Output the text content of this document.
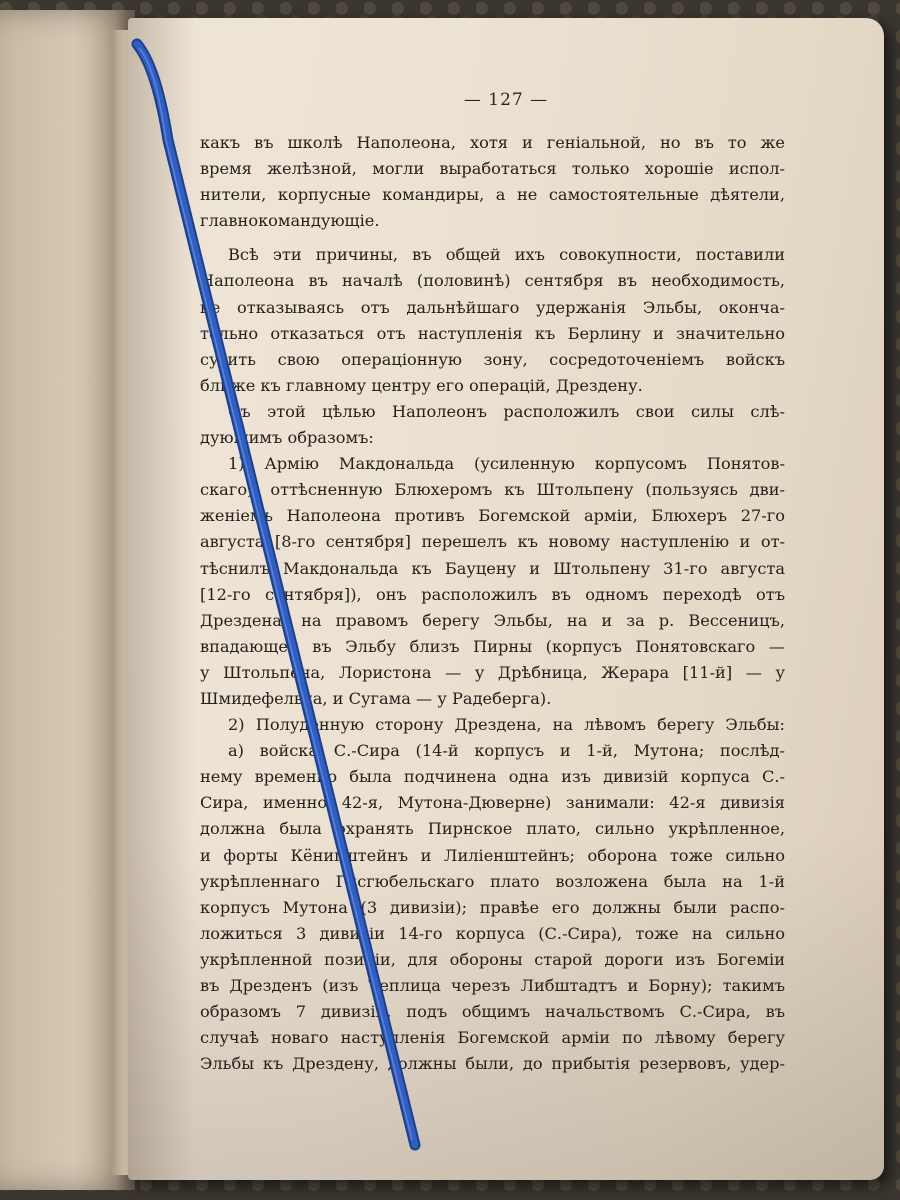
— 127 —
какъ въ школѣ Наполеона, хотя и геніальной, но въ то же
время желѣзной, могли выработаться только хорошіе испол-
нители, корпусные командиры, а не самостоятельные дѣятели,
главнокомандующіе.
Всѣ эти причины, въ общей ихъ совокупности, поставили
Наполеона въ началѣ (половинѣ) сентября въ необходимость,
не отказываясь отъ дальнѣйшаго удержанія Эльбы, оконча-
тельно отказаться отъ наступленія къ Берлину и значительно
сузить свою операціонную зону, сосредоточеніемъ войскъ
ближе къ главному центру его операцій, Дрездену.
Съ этой цѣлью Наполеонъ расположилъ свои силы слѣ-
дующимъ образомъ:
1) Армію Макдональда (усиленную корпусомъ Понятов-
скаго), оттѣсненную Блюхеромъ къ Штольпену (пользуясь дви-
женіемъ Наполеона противъ Богемской арміи, Блюхеръ 27-го
августа [8-го сентября] перешелъ къ новому наступленію и от-
тѣснилъ Макдональда къ Бауцену и Штольпену 31-го августа
[12-го сентября]), онъ расположилъ въ одномъ переходѣ отъ
Дрездена, на правомъ берегу Эльбы, на и за р. Вессеницъ,
впадающей въ Эльбу близъ Пирны (корпусъ Понятовскаго —
у Штольпена, Лористона — у Дрѣбница, Жерара [11-й] — у
Шмидефельда, и Сугама — у Радеберга).
2) Полуденную сторону Дрездена, на лѣвомъ берегу Эльбы:
а) войска С.-Сира (14-й корпусъ и 1-й, Мутона; послѣд-
нему временно была подчинена одна изъ дивизій корпуса С.-
Сира, именно 42-я, Мутона-Дюверне) занимали: 42-я дивизія
должна была охранять Пирнское плато, сильно укрѣпленное,
и форты Кёнигштейнъ и Лиліенштейнъ; оборона тоже сильно
укрѣпленнаго Гисгюбельскаго плато возложена была на 1-й
корпусъ Мутона (3 дивизіи); правѣе его должны были распо-
ложиться 3 дивизіи 14-го корпуса (С.-Сира), тоже на сильно
укрѣпленной позиціи, для обороны старой дороги изъ Богеміи
въ Дрезденъ (изъ Теплица черезъ Либштадтъ и Борну); такимъ
образомъ 7 дивизій, подъ общимъ начальствомъ С.-Сира, въ
случаѣ новаго наступленія Богемской арміи по лѣвому берегу
Эльбы къ Дрездену, должны были, до прибытія резервовъ, удер-
